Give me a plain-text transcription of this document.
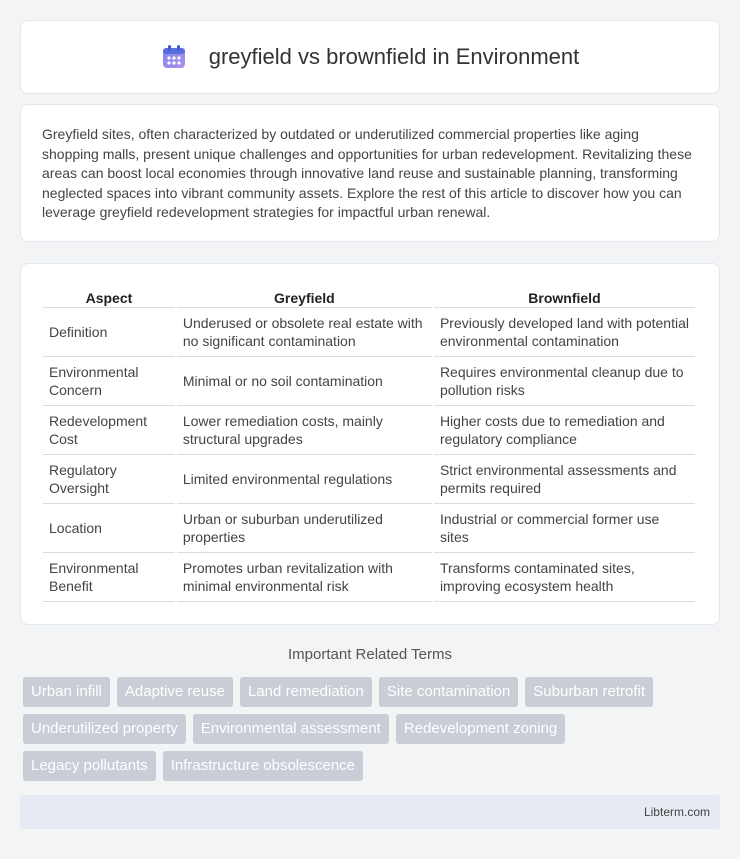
greyfield vs brownfield in Environment

Greyfield sites, often characterized by outdated or underutilized commercial properties like aging shopping malls, present unique challenges and opportunities for urban redevelopment. Revitalizing these areas can boost local economies through innovative land reuse and sustainable planning, transforming neglected spaces into vibrant community assets. Explore the rest of this article to discover how you can leverage greyfield redevelopment strategies for impactful urban renewal.

Aspect	Greyfield	Brownfield
Definition	Underused or obsolete real estate with no significant contamination	Previously developed land with potential environmental contamination
Environmental Concern	Minimal or no soil contamination	Requires environmental cleanup due to pollution risks
Redevelopment Cost	Lower remediation costs, mainly structural upgrades	Higher costs due to remediation and regulatory compliance
Regulatory Oversight	Limited environmental regulations	Strict environmental assessments and permits required
Location	Urban or suburban underutilized properties	Industrial or commercial former use sites
Environmental Benefit	Promotes urban revitalization with minimal environmental risk	Transforms contaminated sites, improving ecosystem health
Important Related Terms
Urban infill	Adaptive reuse	Land remediation	Site contamination	Suburban retrofit
Underutilized property	Environmental assessment	Redevelopment zoning
Legacy pollutants	Infrastructure obsolescence
Libterm.com
